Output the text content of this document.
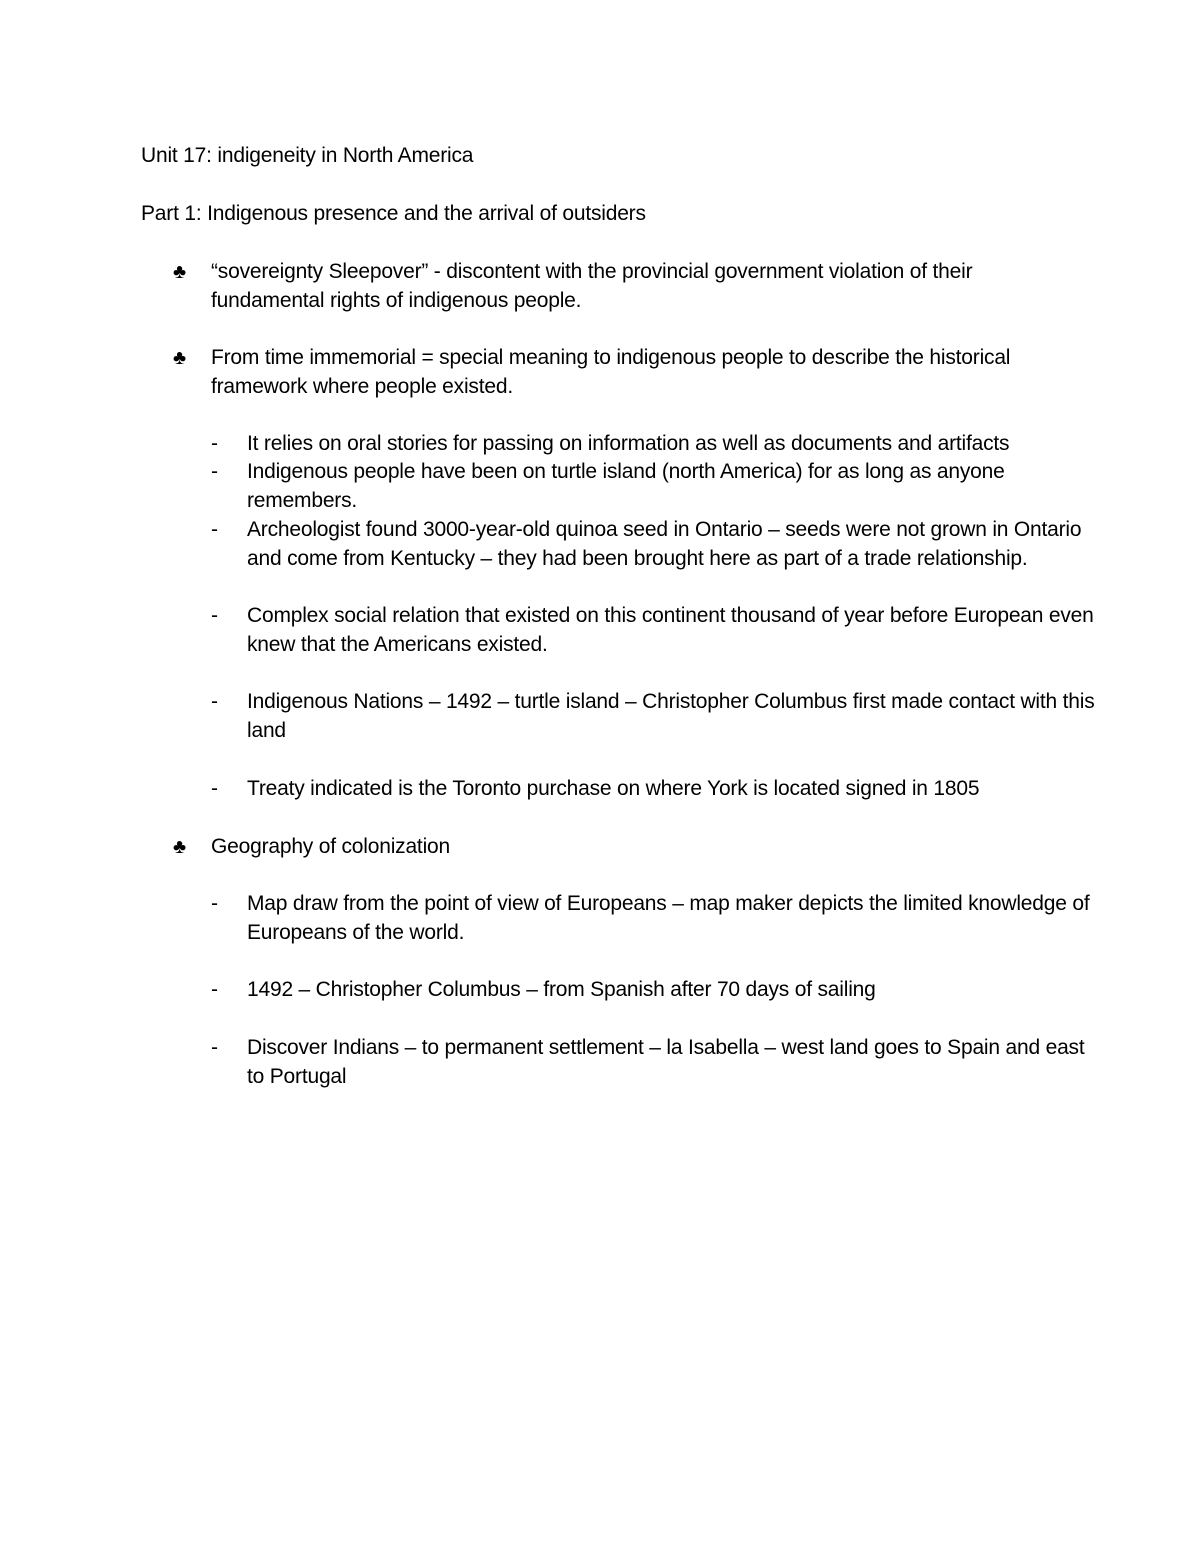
Unit 17: indigeneity in North America

Part 1: Indigenous presence and the arrival of outsiders

♣ “sovereignty Sleepover” - discontent with the provincial government violation of their fundamental rights of indigenous people.

♣ From time immemorial = special meaning to indigenous people to describe the historical framework where people existed.

- It relies on oral stories for passing on information as well as documents and artifacts

- Indigenous people have been on turtle island (north America) for as long as anyone remembers.

- Archeologist found 3000-year-old quinoa seed in Ontario – seeds were not grown in Ontario and come from Kentucky – they had been brought here as part of a trade relationship.

- Complex social relation that existed on this continent thousand of year before European even knew that the Americans existed.

- Indigenous Nations – 1492 – turtle island – Christopher Columbus first made contact with this land

- Treaty indicated is the Toronto purchase on where York is located signed in 1805

♣ Geography of colonization

- Map draw from the point of view of Europeans – map maker depicts the limited knowledge of Europeans of the world.

- 1492 – Christopher Columbus – from Spanish after 70 days of sailing

- Discover Indians – to permanent settlement – la Isabella – west land goes to Spain and east to Portugal
